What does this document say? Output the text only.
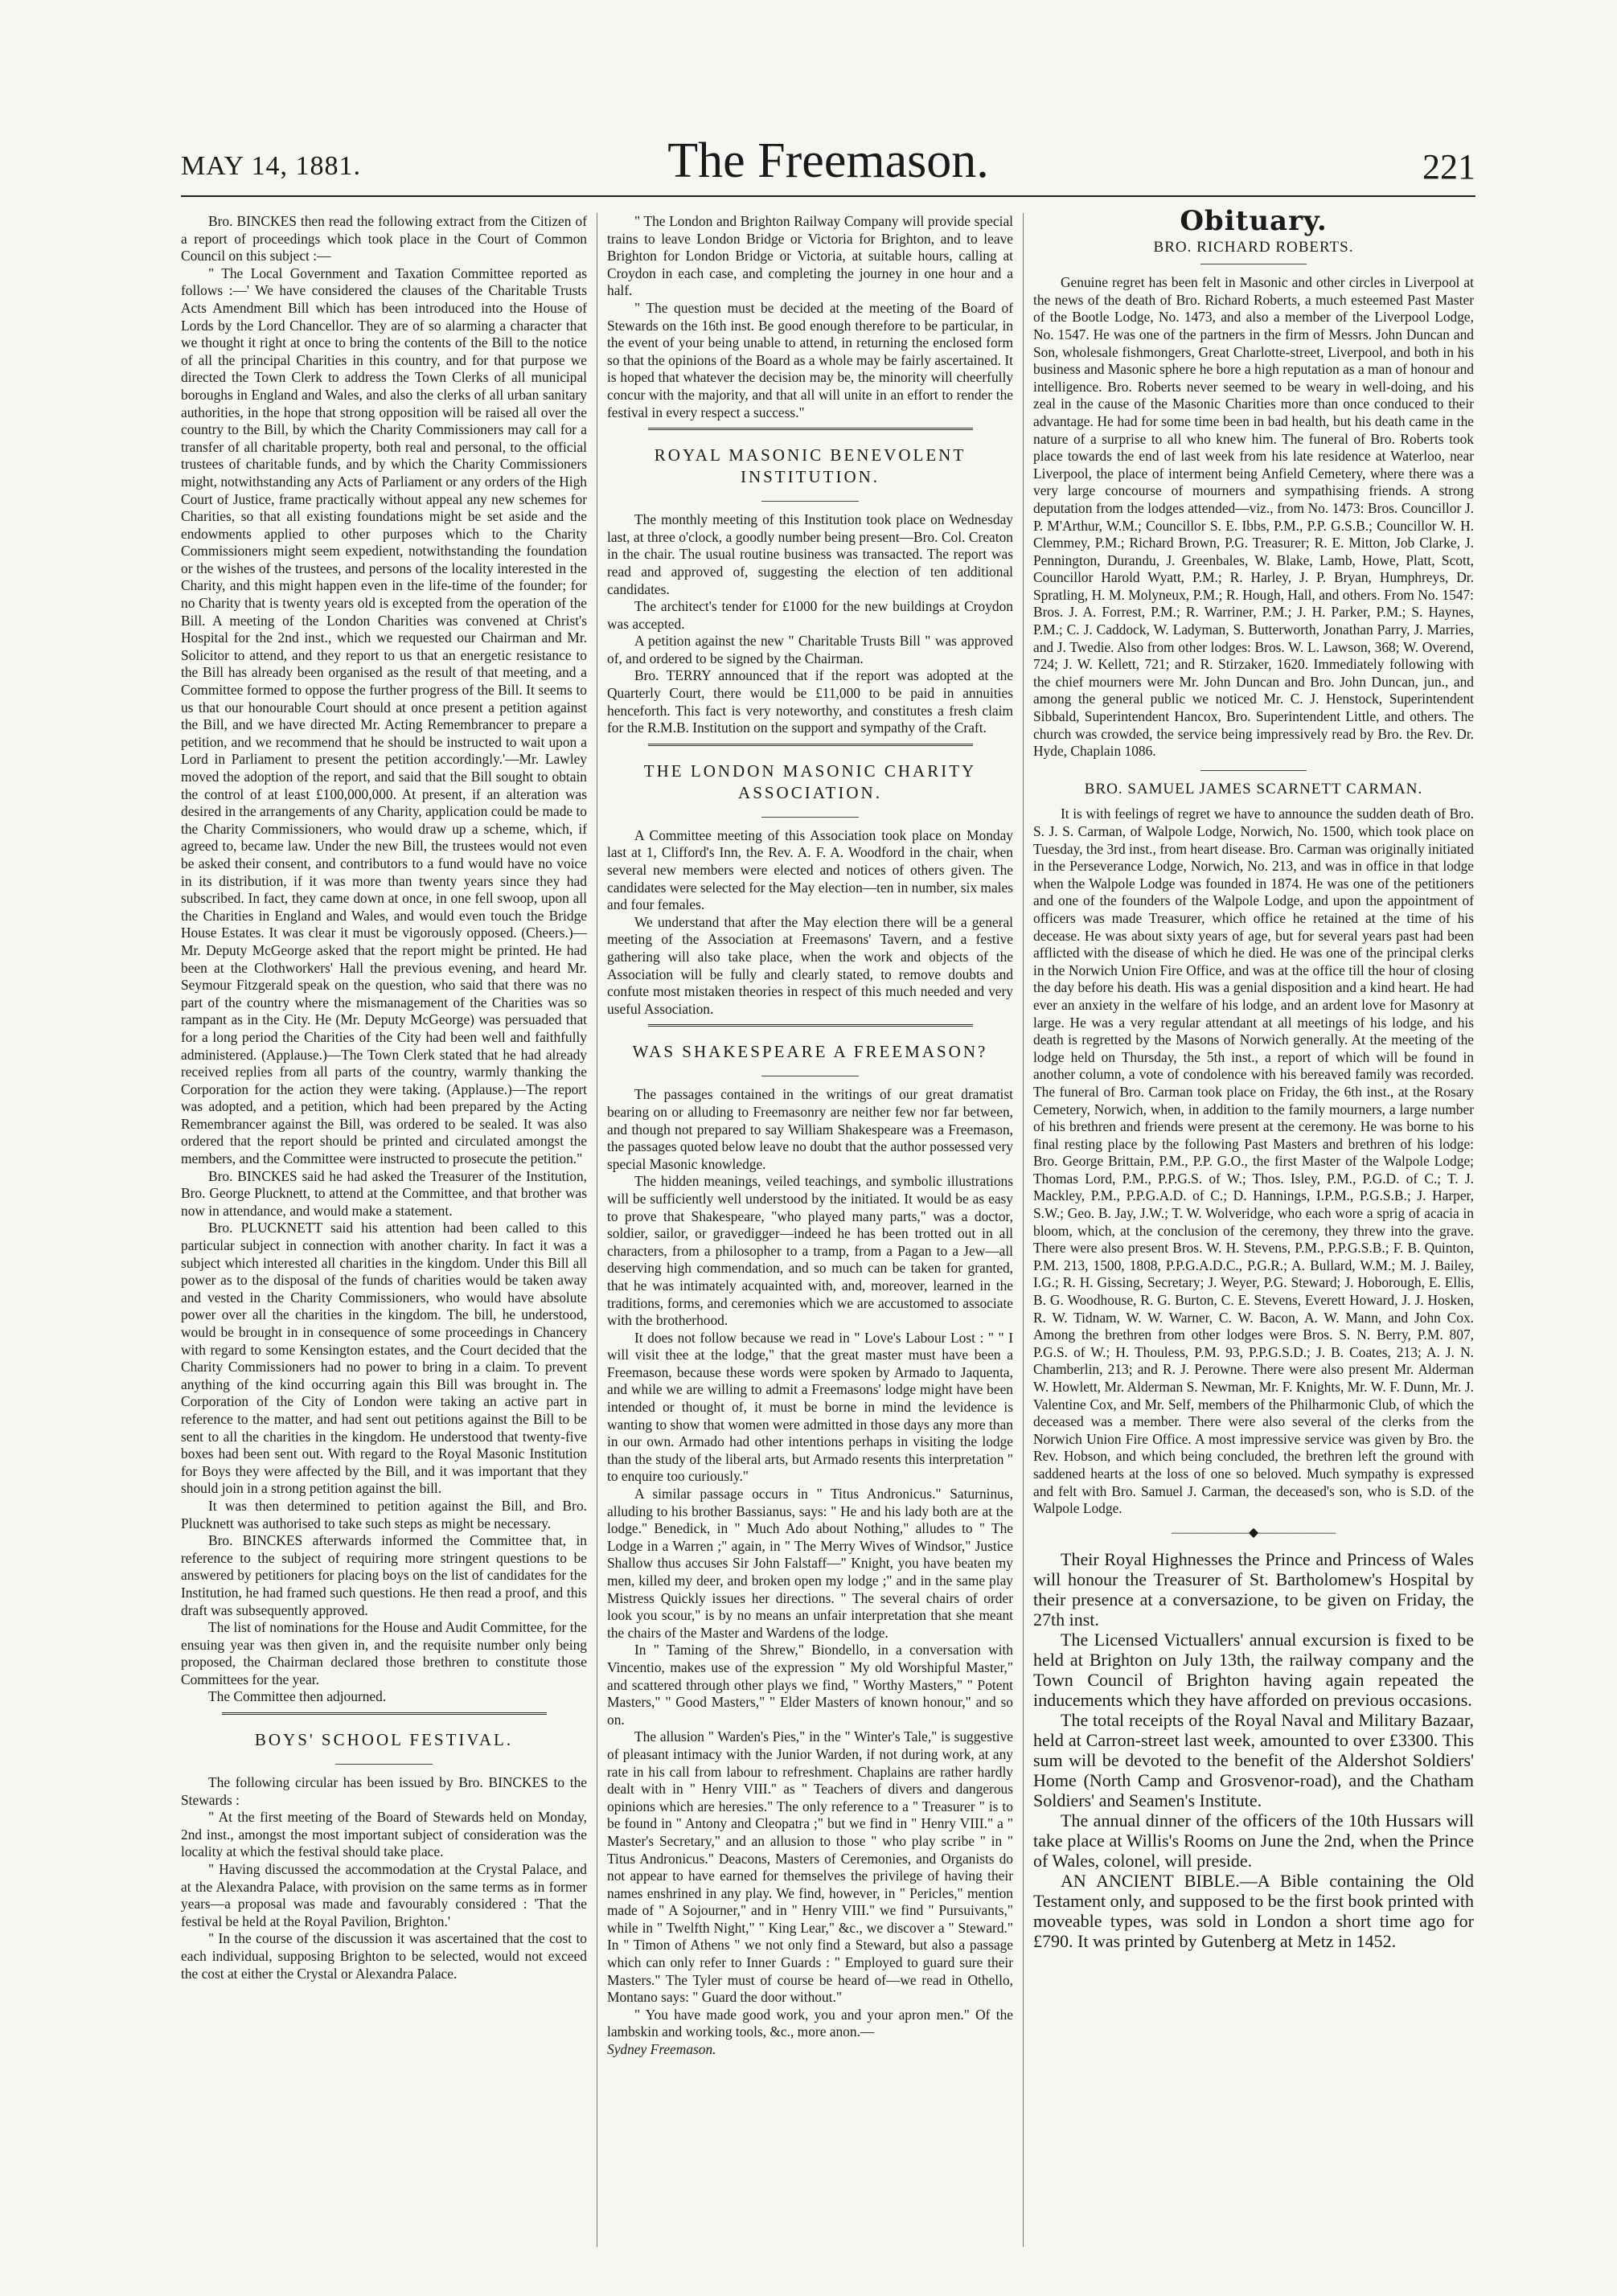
MAY 14, 1881.	The Freemason.	221

Bro. BINCKES then read the following extract from the Citizen of a report of proceedings which took place in the Court of Common Council on this subject :—

" The Local Government and Taxation Committee reported as follows :—' We have considered the clauses of the Charitable Trusts Acts Amendment Bill which has been introduced into the House of Lords by the Lord Chancellor. They are of so alarming a character that we thought it right at once to bring the contents of the Bill to the notice of all the principal Charities in this country, and for that purpose we directed the Town Clerk to address the Town Clerks of all municipal boroughs in England and Wales, and also the clerks of all urban sanitary authorities, in the hope that strong opposition will be raised all over the country to the Bill, by which the Charity Commissioners may call for a transfer of all charitable property, both real and personal, to the official trustees of charitable funds, and by which the Charity Commissioners might, notwithstanding any Acts of Parliament or any orders of the High Court of Justice, frame practically without appeal any new schemes for Charities, so that all existing foundations might be set aside and the endowments applied to other purposes which to the Charity Commissioners might seem expedient, notwithstanding the foundation or the wishes of the trustees, and persons of the locality interested in the Charity, and this might happen even in the life-time of the founder; for no Charity that is twenty years old is excepted from the operation of the Bill. A meeting of the London Charities was convened at Christ's Hospital for the 2nd inst., which we requested our Chairman and Mr. Solicitor to attend, and they report to us that an energetic resistance to the Bill has already been organised as the result of that meeting, and a Committee formed to oppose the further progress of the Bill. It seems to us that our honourable Court should at once present a petition against the Bill, and we have directed Mr. Acting Remembrancer to prepare a petition, and we recommend that he should be instructed to wait upon a Lord in Parliament to present the petition accordingly.'—Mr. Lawley moved the adoption of the report, and said that the Bill sought to obtain the control of at least £100,000,000. At present, if an alteration was desired in the arrangements of any Charity, application could be made to the Charity Commissioners, who would draw up a scheme, which, if agreed to, became law. Under the new Bill, the trustees would not even be asked their consent, and contributors to a fund would have no voice in its distribution, if it was more than twenty years since they had subscribed. In fact, they came down at once, in one fell swoop, upon all the Charities in England and Wales, and would even touch the Bridge House Estates. It was clear it must be vigorously opposed. (Cheers.)—Mr. Deputy McGeorge asked that the report might be printed. He had been at the Clothworkers' Hall the previous evening, and heard Mr. Seymour Fitzgerald speak on the question, who said that there was no part of the country where the mismanagement of the Charities was so rampant as in the City. He (Mr. Deputy McGeorge) was persuaded that for a long period the Charities of the City had been well and faithfully administered. (Applause.)—The Town Clerk stated that he had already received replies from all parts of the country, warmly thanking the Corporation for the action they were taking. (Applause.)—The report was adopted, and a petition, which had been prepared by the Acting Remembrancer against the Bill, was ordered to be sealed. It was also ordered that the report should be printed and circulated amongst the members, and the Committee were instructed to prosecute the petition."

Bro. BINCKES said he had asked the Treasurer of the Institution, Bro. George Plucknett, to attend at the Committee, and that brother was now in attendance, and would make a statement.

Bro. PLUCKNETT said his attention had been called to this particular subject in connection with another charity. In fact it was a subject which interested all charities in the kingdom. Under this Bill all power as to the disposal of the funds of charities would be taken away and vested in the Charity Commissioners, who would have absolute power over all the charities in the kingdom. The bill, he understood, would be brought in in consequence of some proceedings in Chancery with regard to some Kensington estates, and the Court decided that the Charity Commissioners had no power to bring in a claim. To prevent anything of the kind occurring again this Bill was brought in. The Corporation of the City of London were taking an active part in reference to the matter, and had sent out petitions against the Bill to be sent to all the charities in the kingdom. He understood that twenty-five boxes had been sent out. With regard to the Royal Masonic Institution for Boys they were affected by the Bill, and it was important that they should join in a strong petition against the bill.

It was then determined to petition against the Bill, and Bro. Plucknett was authorised to take such steps as might be necessary.

Bro. BINCKES afterwards informed the Committee that, in reference to the subject of requiring more stringent questions to be answered by petitioners for placing boys on the list of candidates for the Institution, he had framed such questions. He then read a proof, and this draft was subsequently approved.

The list of nominations for the House and Audit Committee, for the ensuing year was then given in, and the requisite number only being proposed, the Chairman declared those brethren to constitute those Committees for the year.

The Committee then adjourned.

BOYS' SCHOOL FESTIVAL.

The following circular has been issued by Bro. BINCKES to the Stewards :

" At the first meeting of the Board of Stewards held on Monday, 2nd inst., amongst the most important subject of consideration was the locality at which the festival should take place.

" Having discussed the accommodation at the Crystal Palace, and at the Alexandra Palace, with provision on the same terms as in former years—a proposal was made and favourably considered : 'That the festival be held at the Royal Pavilion, Brighton.'

" In the course of the discussion it was ascertained that the cost to each individual, supposing Brighton to be selected, would not exceed the cost at either the Crystal or Alexandra Palace.

" The London and Brighton Railway Company will provide special trains to leave London Bridge or Victoria for Brighton, and to leave Brighton for London Bridge or Victoria, at suitable hours, calling at Croydon in each case, and completing the journey in one hour and a half.

" The question must be decided at the meeting of the Board of Stewards on the 16th inst. Be good enough therefore to be particular, in the event of your being unable to attend, in returning the enclosed form so that the opinions of the Board as a whole may be fairly ascertained. It is hoped that whatever the decision may be, the minority will cheerfully concur with the majority, and that all will unite in an effort to render the festival in every respect a success."

ROYAL MASONIC BENEVOLENT INSTITUTION.

The monthly meeting of this Institution took place on Wednesday last, at three o'clock, a goodly number being present—Bro. Col. Creaton in the chair. The usual routine business was transacted. The report was read and approved of, suggesting the election of ten additional candidates.

The architect's tender for £1000 for the new buildings at Croydon was accepted.

A petition against the new " Charitable Trusts Bill " was approved of, and ordered to be signed by the Chairman.

Bro. TERRY announced that if the report was adopted at the Quarterly Court, there would be £11,000 to be paid in annuities henceforth. This fact is very noteworthy, and constitutes a fresh claim for the R.M.B. Institution on the support and sympathy of the Craft.

THE LONDON MASONIC CHARITY ASSOCIATION.

A Committee meeting of this Association took place on Monday last at 1, Clifford's Inn, the Rev. A. F. A. Woodford in the chair, when several new members were elected and notices of others given. The candidates were selected for the May election—ten in number, six males and four females.

We understand that after the May election there will be a general meeting of the Association at Freemasons' Tavern, and a festive gathering will also take place, when the work and objects of the Association will be fully and clearly stated, to remove doubts and confute most mistaken theories in respect of this much needed and very useful Association.

WAS SHAKESPEARE A FREEMASON?

The passages contained in the writings of our great dramatist bearing on or alluding to Freemasonry are neither few nor far between, and though not prepared to say William Shakespeare was a Freemason, the passages quoted below leave no doubt that the author possessed very special Masonic knowledge.

The hidden meanings, veiled teachings, and symbolic illustrations will be sufficiently well understood by the initiated. It would be as easy to prove that Shakespeare, "who played many parts," was a doctor, soldier, sailor, or gravedigger—indeed he has been trotted out in all characters, from a philosopher to a tramp, from a Pagan to a Jew—all deserving high commendation, and so much can be taken for granted, that he was intimately acquainted with, and, moreover, learned in the traditions, forms, and ceremonies which we are accustomed to associate with the brotherhood.

It does not follow because we read in " Love's Labour Lost : " " I will visit thee at the lodge," that the great master must have been a Freemason, because these words were spoken by Armado to Jaquenta, and while we are willing to admit a Freemasons' lodge might have been intended or thought of, it must be borne in mind the levidence is wanting to show that women were admitted in those days any more than in our own. Armado had other intentions perhaps in visiting the lodge than the study of the liberal arts, but Armado resents this interpretation " to enquire too curiously."

A similar passage occurs in " Titus Andronicus." Saturninus, alluding to his brother Bassianus, says: " He and his lady both are at the lodge." Benedick, in " Much Ado about Nothing," alludes to " The Lodge in a Warren ;" again, in " The Merry Wives of Windsor," Justice Shallow thus accuses Sir John Falstaff—" Knight, you have beaten my men, killed my deer, and broken open my lodge ;" and in the same play Mistress Quickly issues her directions. " The several chairs of order look you scour," is by no means an unfair interpretation that she meant the chairs of the Master and Wardens of the lodge.

In " Taming of the Shrew," Biondello, in a conversation with Vincentio, makes use of the expression " My old Worshipful Master," and scattered through other plays we find, " Worthy Masters," " Potent Masters," " Good Masters," " Elder Masters of known honour," and so on.

The allusion " Warden's Pies," in the " Winter's Tale," is suggestive of pleasant intimacy with the Junior Warden, if not during work, at any rate in his call from labour to refreshment. Chaplains are rather hardly dealt with in " Henry VIII." as " Teachers of divers and dangerous opinions which are heresies." The only reference to a " Treasurer " is to be found in " Antony and Cleopatra ;" but we find in " Henry VIII." a " Master's Secretary," and an allusion to those " who play scribe " in " Titus Andronicus." Deacons, Masters of Ceremonies, and Organists do not appear to have earned for themselves the privilege of having their names enshrined in any play. We find, however, in " Pericles," mention made of " A Sojourner," and in " Henry VIII." we find " Pursuivants," while in " Twelfth Night," " King Lear," &c., we discover a " Steward." In " Timon of Athens " we not only find a Steward, but also a passage which can only refer to Inner Guards : " Employed to guard sure their Masters." The Tyler must of course be heard of—we read in Othello, Montano says: " Guard the door without."

" You have made good work, you and your apron men." Of the lambskin and working tools, &c., more anon.—

Sydney Freemason.

Obituary.
BRO. RICHARD ROBERTS.

Genuine regret has been felt in Masonic and other circles in Liverpool at the news of the death of Bro. Richard Roberts, a much esteemed Past Master of the Bootle Lodge, No. 1473, and also a member of the Liverpool Lodge, No. 1547. He was one of the partners in the firm of Messrs. John Duncan and Son, wholesale fishmongers, Great Charlotte-street, Liverpool, and both in his business and Masonic sphere he bore a high reputation as a man of honour and intelligence. Bro. Roberts never seemed to be weary in well-doing, and his zeal in the cause of the Masonic Charities more than once conduced to their advantage. He had for some time been in bad health, but his death came in the nature of a surprise to all who knew him. The funeral of Bro. Roberts took place towards the end of last week from his late residence at Waterloo, near Liverpool, the place of interment being Anfield Cemetery, where there was a very large concourse of mourners and sympathising friends. A strong deputation from the lodges attended—viz., from No. 1473: Bros. Councillor J. P. M'Arthur, W.M.; Councillor S. E. Ibbs, P.M., P.P. G.S.B.; Councillor W. H. Clemmey, P.M.; Richard Brown, P.G. Treasurer; R. E. Mitton, Job Clarke, J. Pennington, Durandu, J. Greenbales, W. Blake, Lamb, Howe, Platt, Scott, Councillor Harold Wyatt, P.M.; R. Harley, J. P. Bryan, Humphreys, Dr. Spratling, H. M. Molyneux, P.M.; R. Hough, Hall, and others. From No. 1547: Bros. J. A. Forrest, P.M.; R. Warriner, P.M.; J. H. Parker, P.M.; S. Haynes, P.M.; C. J. Caddock, W. Ladyman, S. Butterworth, Jonathan Parry, J. Marries, and J. Twedie. Also from other lodges: Bros. W. L. Lawson, 368; W. Overend, 724; J. W. Kellett, 721; and R. Stirzaker, 1620. Immediately following with the chief mourners were Mr. John Duncan and Bro. John Duncan, jun., and among the general public we noticed Mr. C. J. Henstock, Superintendent Sibbald, Superintendent Hancox, Bro. Superintendent Little, and others. The church was crowded, the service being impressively read by Bro. the Rev. Dr. Hyde, Chaplain 1086.

BRO. SAMUEL JAMES SCARNETT CARMAN.

It is with feelings of regret we have to announce the sudden death of Bro. S. J. S. Carman, of Walpole Lodge, Norwich, No. 1500, which took place on Tuesday, the 3rd inst., from heart disease. Bro. Carman was originally initiated in the Perseverance Lodge, Norwich, No. 213, and was in office in that lodge when the Walpole Lodge was founded in 1874. He was one of the petitioners and one of the founders of the Walpole Lodge, and upon the appointment of officers was made Treasurer, which office he retained at the time of his decease. He was about sixty years of age, but for several years past had been afflicted with the disease of which he died. He was one of the principal clerks in the Norwich Union Fire Office, and was at the office till the hour of closing the day before his death. His was a genial disposition and a kind heart. He had ever an anxiety in the welfare of his lodge, and an ardent love for Masonry at large. He was a very regular attendant at all meetings of his lodge, and his death is regretted by the Masons of Norwich generally. At the meeting of the lodge held on Thursday, the 5th inst., a report of which will be found in another column, a vote of condolence with his bereaved family was recorded. The funeral of Bro. Carman took place on Friday, the 6th inst., at the Rosary Cemetery, Norwich, when, in addition to the family mourners, a large number of his brethren and friends were present at the ceremony. He was borne to his final resting place by the following Past Masters and brethren of his lodge: Bro. George Brittain, P.M., P.P. G.O., the first Master of the Walpole Lodge; Thomas Lord, P.M., P.P.G.S. of W.; Thos. Isley, P.M., P.G.D. of C.; T. J. Mackley, P.M., P.P.G.A.D. of C.; D. Hannings, I.P.M., P.G.S.B.; J. Harper, S.W.; Geo. B. Jay, J.W.; T. W. Wolveridge, who each wore a sprig of acacia in bloom, which, at the conclusion of the ceremony, they threw into the grave. There were also present Bros. W. H. Stevens, P.M., P.P.G.S.B.; F. B. Quinton, P.M. 213, 1500, 1808, P.P.G.A.D.C., P.G.R.; A. Bullard, W.M.; M. J. Bailey, I.G.; R. H. Gissing, Secretary; J. Weyer, P.G. Steward; J. Hoborough, E. Ellis, B. G. Woodhouse, R. G. Burton, C. E. Stevens, Everett Howard, J. J. Hosken, R. W. Tidnam, W. W. Warner, C. W. Bacon, A. W. Mann, and John Cox. Among the brethren from other lodges were Bros. S. N. Berry, P.M. 807, P.G.S. of W.; H. Thouless, P.M. 93, P.P.G.S.D.; J. B. Coates, 213; A. J. N. Chamberlin, 213; and R. J. Perowne. There were also present Mr. Alderman W. Howlett, Mr. Alderman S. Newman, Mr. F. Knights, Mr. W. F. Dunn, Mr. J. Valentine Cox, and Mr. Self, members of the Philharmonic Club, of which the deceased was a member. There were also several of the clerks from the Norwich Union Fire Office. A most impressive service was given by Bro. the Rev. Hobson, and which being concluded, the brethren left the ground with saddened hearts at the loss of one so beloved. Much sympathy is expressed and felt with Bro. Samuel J. Carman, the deceased's son, who is S.D. of the Walpole Lodge.

——————◆——————

Their Royal Highnesses the Prince and Princess of Wales will honour the Treasurer of St. Bartholomew's Hospital by their presence at a conversazione, to be given on Friday, the 27th inst.

The Licensed Victuallers' annual excursion is fixed to be held at Brighton on July 13th, the railway company and the Town Council of Brighton having again repeated the inducements which they have afforded on previous occasions.

The total receipts of the Royal Naval and Military Bazaar, held at Carron-street last week, amounted to over £3300. This sum will be devoted to the benefit of the Aldershot Soldiers' Home (North Camp and Grosvenor-road), and the Chatham Soldiers' and Seamen's Institute.

The annual dinner of the officers of the 10th Hussars will take place at Willis's Rooms on June the 2nd, when the Prince of Wales, colonel, will preside.

AN ANCIENT BIBLE.—A Bible containing the Old Testament only, and supposed to be the first book printed with moveable types, was sold in London a short time ago for £790. It was printed by Gutenberg at Metz in 1452.
